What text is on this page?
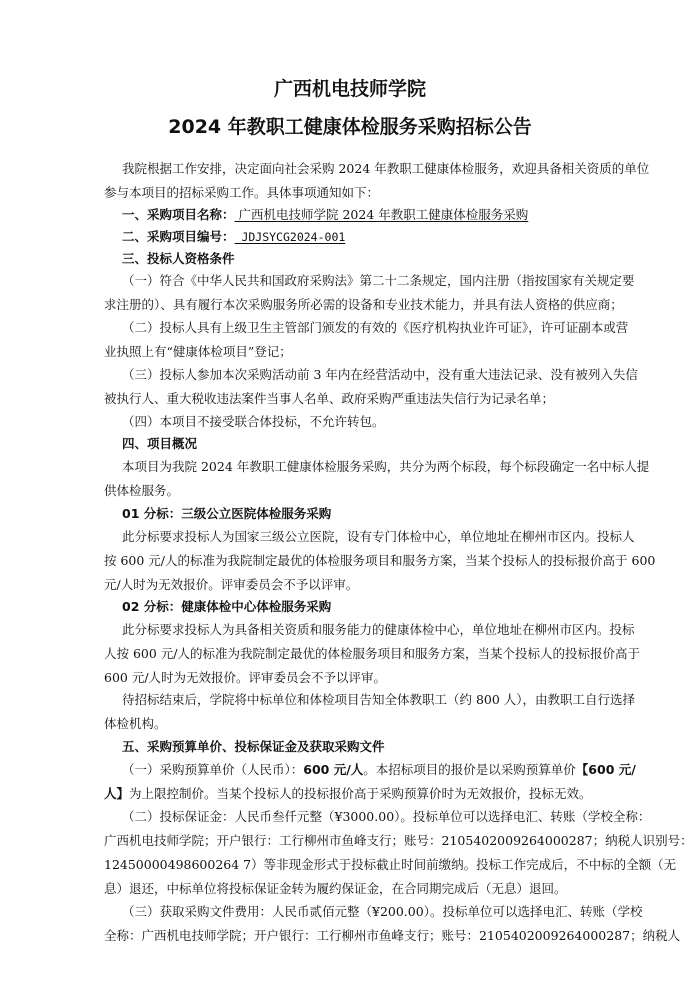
广西机电技师学院
2024 年教职工健康体检服务采购招标公告

我院根据工作安排，决定面向社会采购 2024 年教职工健康体检服务，欢迎具备相关资质的单位

参与本项目的招标采购工作。具体事项通知如下：

一、采购项目名称： 广西机电技师学院 2024 年教职工健康体检服务采购

二、采购项目编号： JDJSYCG2024-001

三、投标人资格条件

（一）符合《中华人民共和国政府采购法》第二十二条规定，国内注册（指按国家有关规定要

求注册的）、具有履行本次采购服务所必需的设备和专业技术能力，并具有法人资格的供应商；

（二）投标人具有上级卫生主管部门颁发的有效的《医疗机构执业许可证》，许可证副本或营

业执照上有“健康体检项目”登记；

（三）投标人参加本次采购活动前 3 年内在经营活动中，没有重大违法记录、没有被列入失信

被执行人、重大税收违法案件当事人名单、政府采购严重违法失信行为记录名单；

（四）本项目不接受联合体投标，不允许转包。

四、项目概况

本项目为我院 2024 年教职工健康体检服务采购，共分为两个标段，每个标段确定一名中标人提

供体检服务。

01 分标：三级公立医院体检服务采购

此分标要求投标人为国家三级公立医院，设有专门体检中心，单位地址在柳州市区内。投标人

按 600 元/人的标准为我院制定最优的体检服务项目和服务方案，当某个投标人的投标报价高于 600

元/人时为无效报价。评审委员会不予以评审。

02 分标：健康体检中心体检服务采购

此分标要求投标人为具备相关资质和服务能力的健康体检中心，单位地址在柳州市区内。投标

人按 600 元/人的标准为我院制定最优的体检服务项目和服务方案，当某个投标人的投标报价高于

600 元/人时为无效报价。评审委员会不予以评审。

待招标结束后，学院将中标单位和体检项目告知全体教职工（约 800 人），由教职工自行选择

体检机构。

五、采购预算单价、投标保证金及获取采购文件

（一）采购预算单价（人民币）：600 元/人。本招标项目的报价是以采购预算单价【600 元/

人】为上限控制价。当某个投标人的投标报价高于采购预算价时为无效报价，投标无效。

（二）投标保证金：人民币叁仟元整（¥3000.00）。投标单位可以选择电汇、转账（学校全称：

广西机电技师学院；开户银行：工行柳州市鱼峰支行；账号：2105402009264000287；纳税人识别号：

12450000498600264 7）等非现金形式于投标截止时间前缴纳。投标工作完成后，不中标的全额（无

息）退还，中标单位将投标保证金转为履约保证金，在合同期完成后（无息）退回。

（三）获取采购文件费用：人民币贰佰元整（¥200.00）。投标单位可以选择电汇、转账（学校

全称：广西机电技师学院；开户银行：工行柳州市鱼峰支行；账号：2105402009264000287；纳税人
